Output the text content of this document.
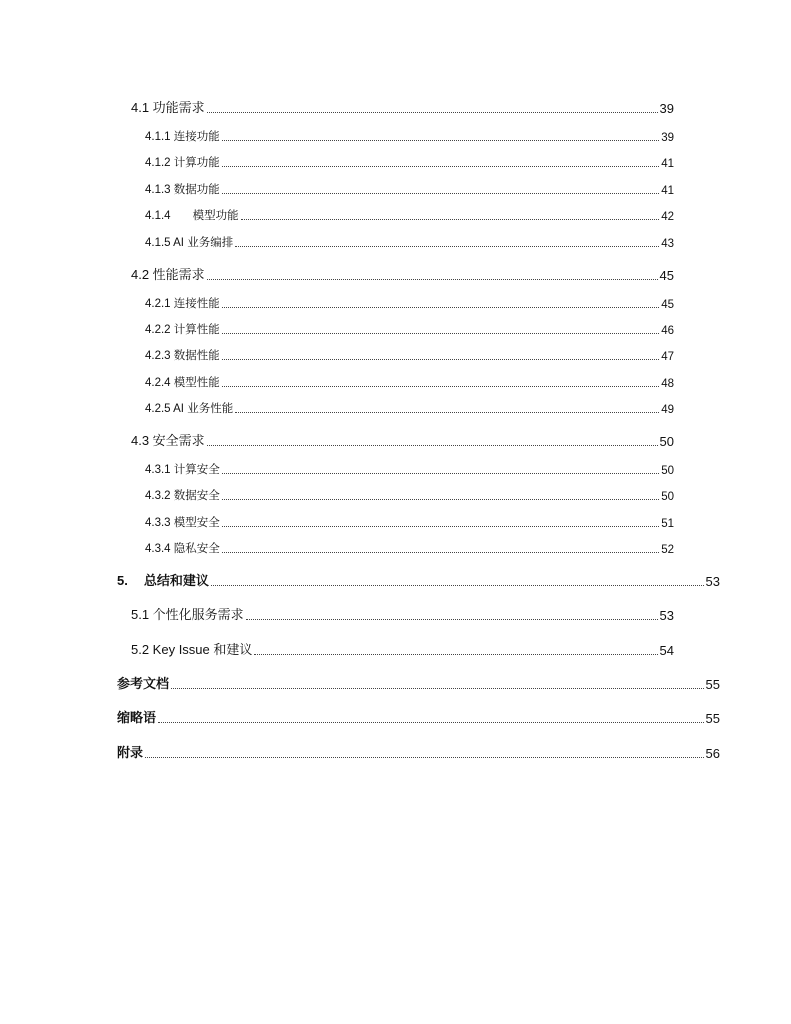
4.1 功能需求	39
4.1.1 连接功能	39
4.1.2 计算功能	41
4.1.3 数据功能	41
4.1.4 模型功能	42
4.1.5 AI 业务编排	43
4.2 性能需求	45
4.2.1 连接性能	45
4.2.2 计算性能	46
4.2.3 数据性能	47
4.2.4 模型性能	48
4.2.5 AI 业务性能	49
4.3 安全需求	50
4.3.1 计算安全	50
4.3.2 数据安全	50
4.3.3 模型安全	51
4.3.4 隐私安全	52
5. 总结和建议	53
5.1 个性化服务需求	53
5.2 Key Issue 和建议	54
参考文档	55
缩略语	55
附录	56
